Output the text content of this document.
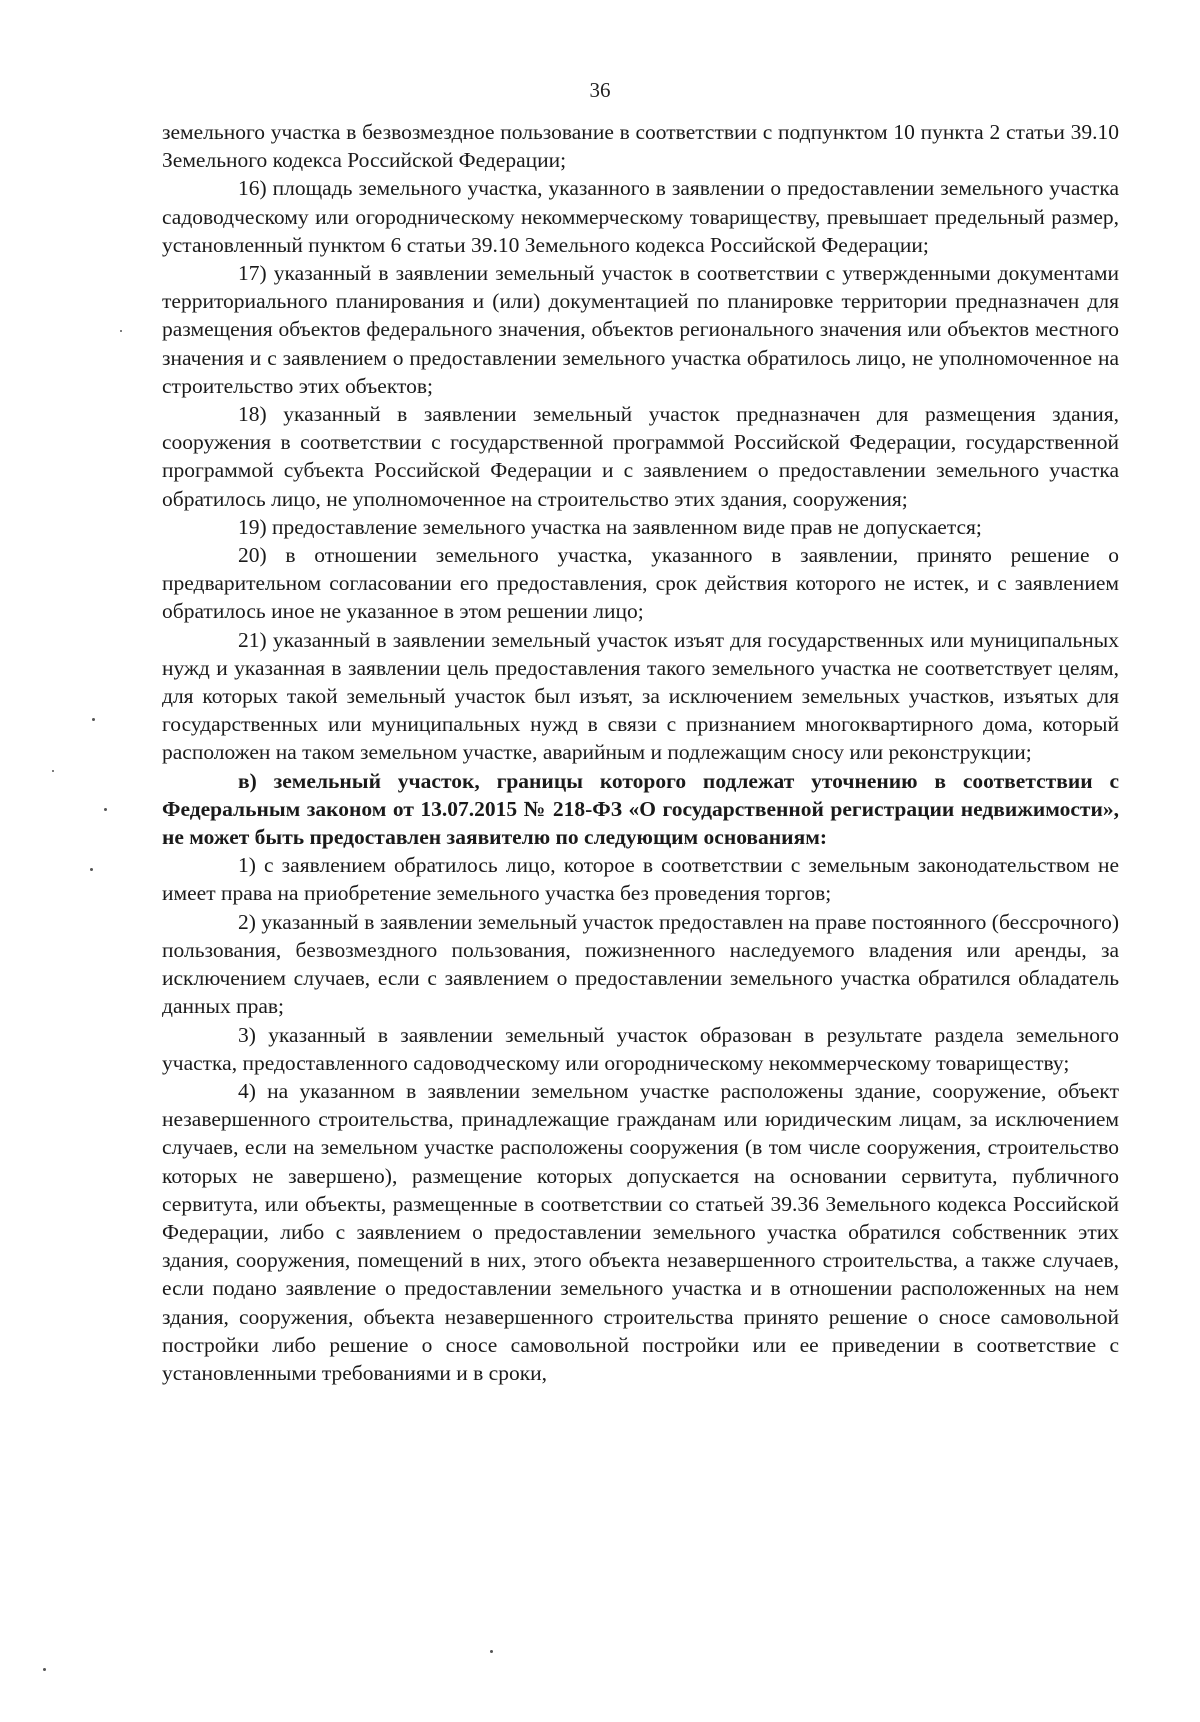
36

земельного участка в безвозмездное пользование в соответствии с подпунктом 10 пункта 2 статьи 39.10 Земельного кодекса Российской Федерации;

16) площадь земельного участка, указанного в заявлении о предоставлении земельного участка садоводческому или огородническому некоммерческому товариществу, превышает предельный размер, установленный пунктом 6 статьи 39.10 Земельного кодекса Российской Федерации;

17) указанный в заявлении земельный участок в соответствии с утвержденными документами территориального планирования и (или) документацией по планировке территории предназначен для размещения объектов федерального значения, объектов регионального значения или объектов местного значения и с заявлением о предоставлении земельного участка обратилось лицо, не уполномоченное на строительство этих объектов;

18) указанный в заявлении земельный участок предназначен для размещения здания, сооружения в соответствии с государственной программой Российской Федерации, государственной программой субъекта Российской Федерации и с заявлением о предоставлении земельного участка обратилось лицо, не уполномоченное на строительство этих здания, сооружения;

19) предоставление земельного участка на заявленном виде прав не допускается;

20) в отношении земельного участка, указанного в заявлении, принято решение о предварительном согласовании его предоставления, срок действия которого не истек, и с заявлением обратилось иное не указанное в этом решении лицо;

21) указанный в заявлении земельный участок изъят для государственных или муниципальных нужд и указанная в заявлении цель предоставления такого земельного участка не соответствует целям, для которых такой земельный участок был изъят, за исключением земельных участков, изъятых для государственных или муниципальных нужд в связи с признанием многоквартирного дома, который расположен на таком земельном участке, аварийным и подлежащим сносу или реконструкции;

в) земельный участок, границы которого подлежат уточнению в соответствии с Федеральным законом от 13.07.2015 № 218-ФЗ «О государственной регистрации недвижимости», не может быть предоставлен заявителю по следующим основаниям:

1) с заявлением обратилось лицо, которое в соответствии с земельным законодательством не имеет права на приобретение земельного участка без проведения торгов;

2) указанный в заявлении земельный участок предоставлен на праве постоянного (бессрочного) пользования, безвозмездного пользования, пожизненного наследуемого владения или аренды, за исключением случаев, если с заявлением о предоставлении земельного участка обратился обладатель данных прав;

3) указанный в заявлении земельный участок образован в результате раздела земельного участка, предоставленного садоводческому или огородническому некоммерческому товариществу;

4) на указанном в заявлении земельном участке расположены здание, сооружение, объект незавершенного строительства, принадлежащие гражданам или юридическим лицам, за исключением случаев, если на земельном участке расположены сооружения (в том числе сооружения, строительство которых не завершено), размещение которых допускается на основании сервитута, публичного сервитута, или объекты, размещенные в соответствии со статьей 39.36 Земельного кодекса Российской Федерации, либо с заявлением о предоставлении земельного участка обратился собственник этих здания, сооружения, помещений в них, этого объекта незавершенного строительства, а также случаев, если подано заявление о предоставлении земельного участка и в отношении расположенных на нем здания, сооружения, объекта незавершенного строительства принято решение о сносе самовольной постройки либо решение о сносе самовольной постройки или ее приведении в соответствие с установленными требованиями и в сроки,
